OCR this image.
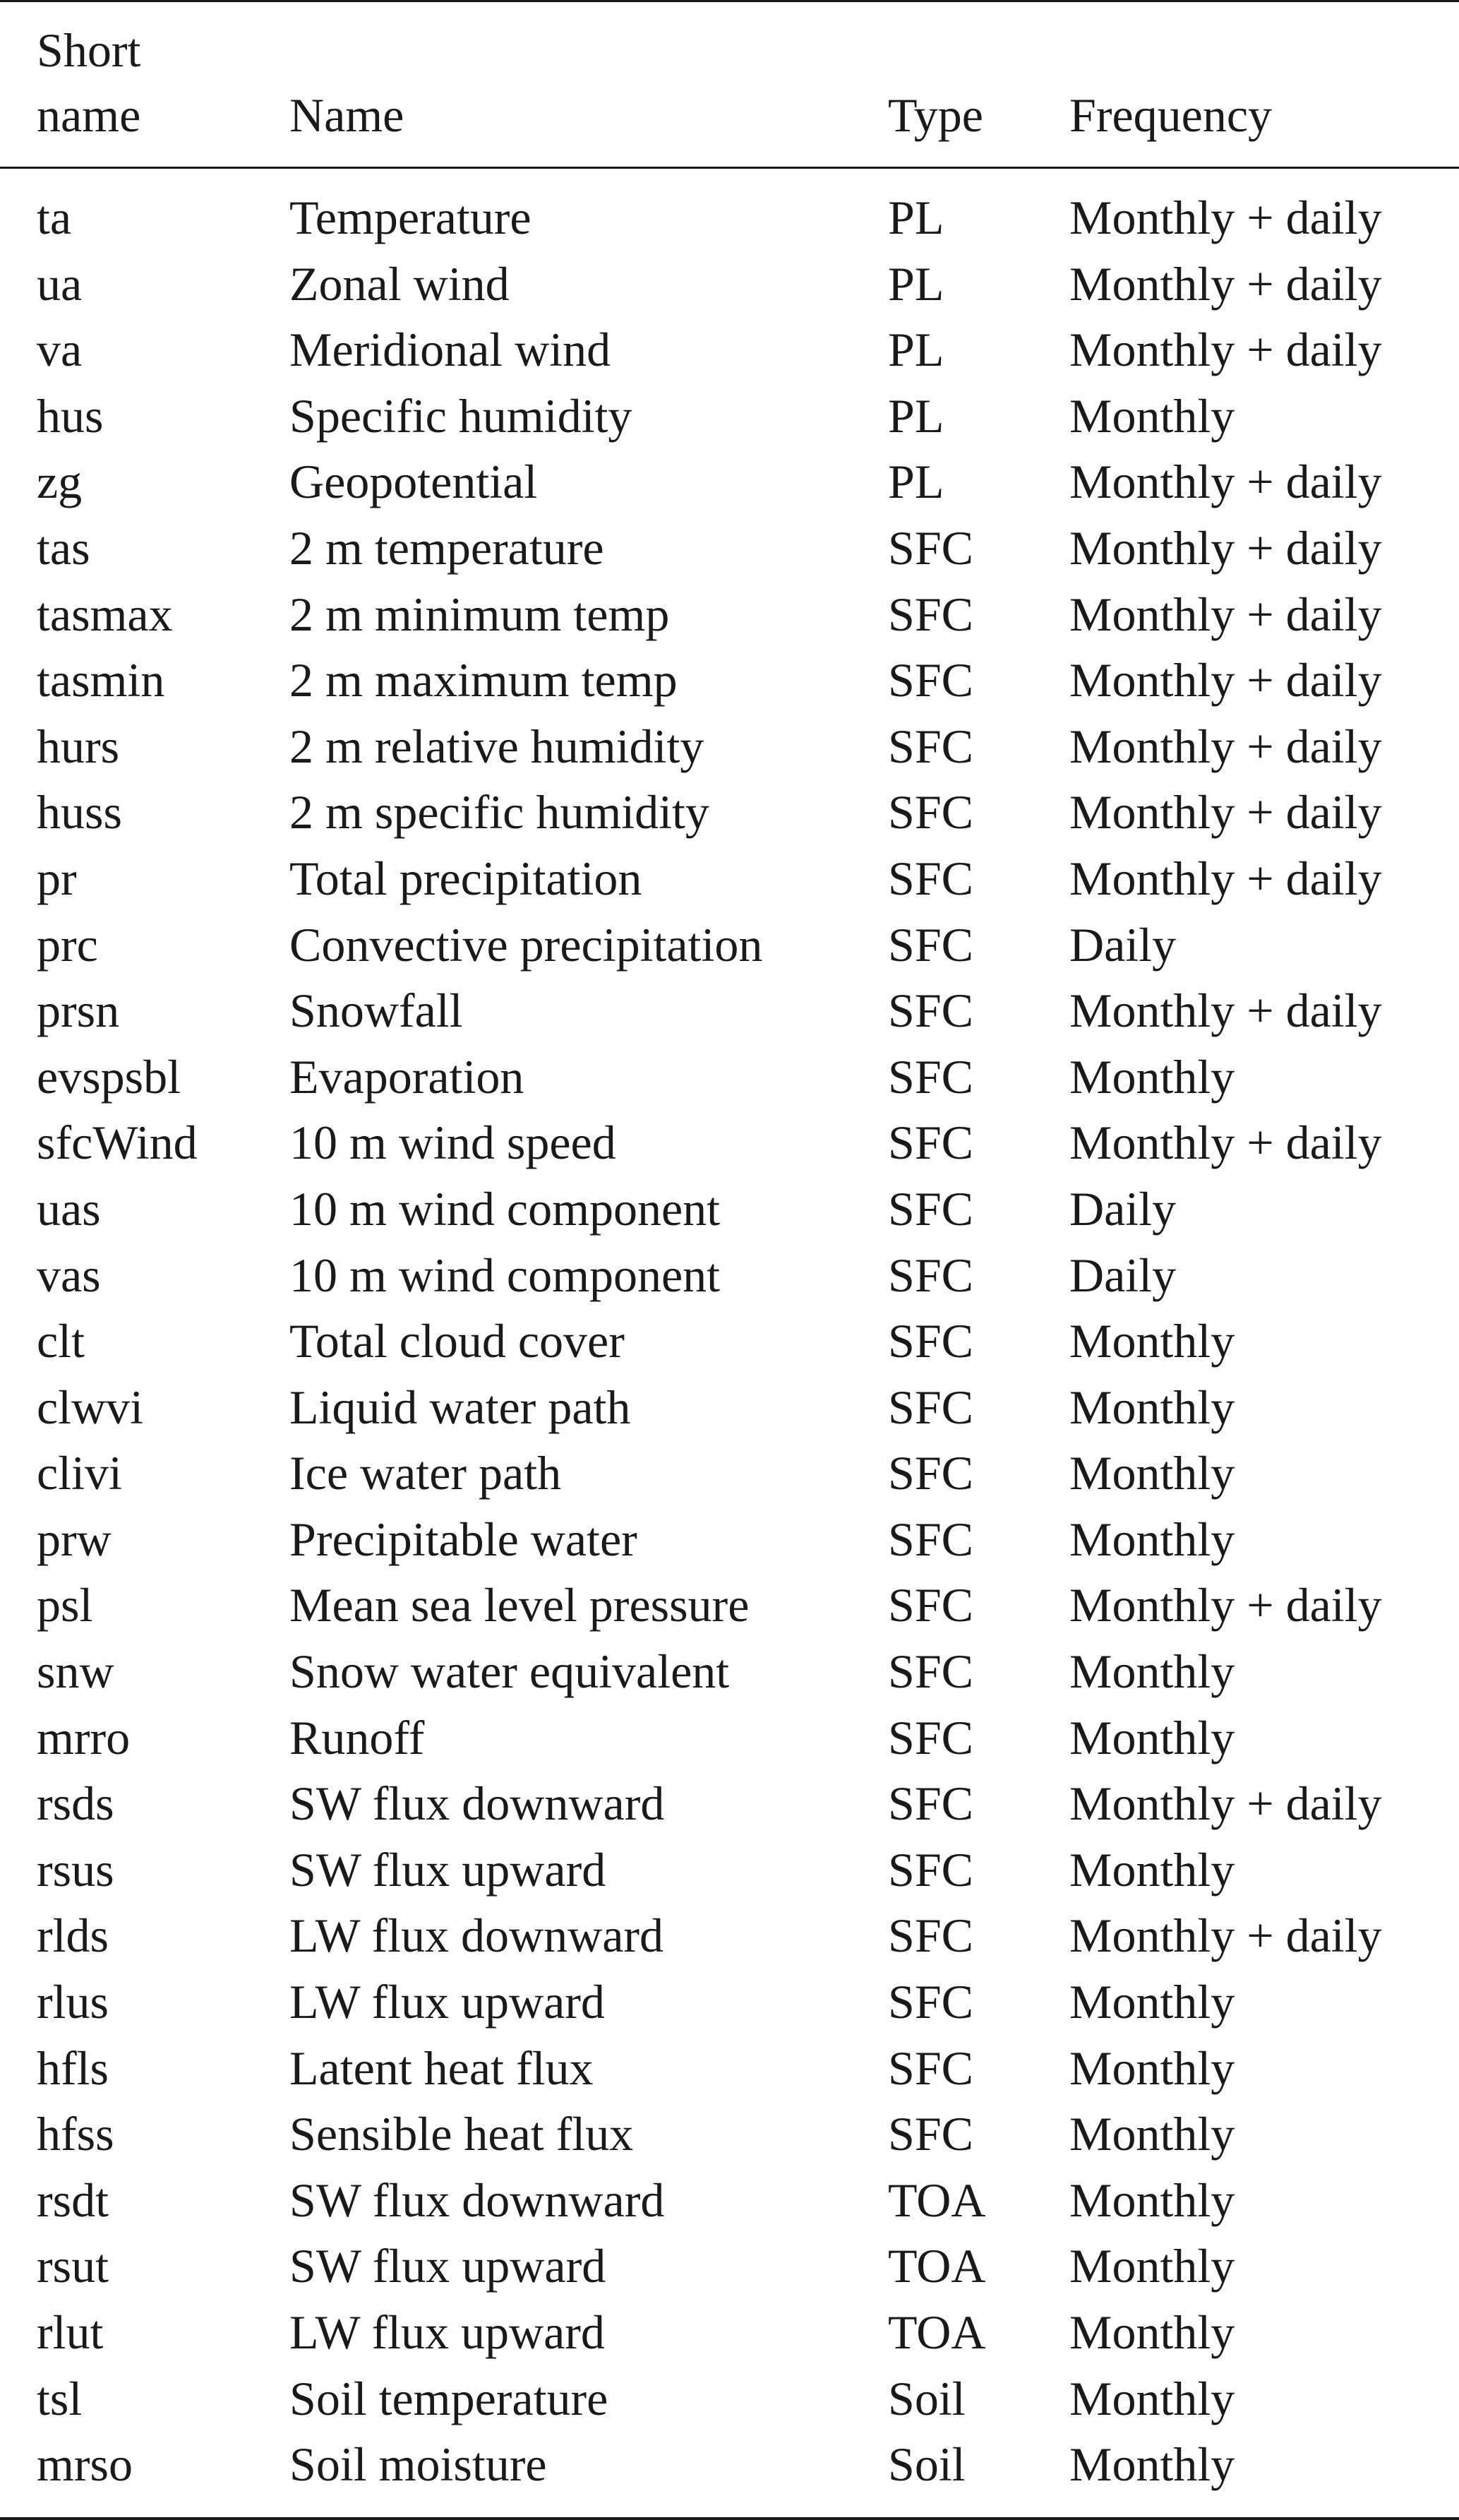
Short
name	Name	Type Frequency
ta	Temperature	PL	Monthly + daily
ua	Zonal wind	PL	Monthly + daily
va	Meridional wind	PL	Monthly + daily
hus	Specific humidity	PL	Monthly
zg	Geopotential	PL	Monthly + daily
tas	2 m temperature	SFC Monthly + daily
tasmax 2 m minimum temp	SFC Monthly + daily
tasmin	2 m maximum temp	SFC Monthly + daily
hurs	2 m relative humidity	SFC Monthly + daily
huss	2 m specific humidity	SFC Monthly + daily
pr	Total precipitation	SFC Monthly + daily
prc	Convective precipitation	SFC Daily
prsn	Snowfall	SFC Monthly + daily
evspsbl Evaporation	SFC Monthly
sfcWind 10 m wind speed	SFC Monthly + daily
uas	10 m wind component	SFC Daily
vas	10 m wind component	SFC Daily
clt	Total cloud cover	SFC Monthly
clwvi	Liquid water path	SFC Monthly
clivi	Ice water path	SFC Monthly
prw	Precipitable water	SFC Monthly
psl	Mean sea level pressure	SFC Monthly + daily
snw	Snow water equivalent	SFC Monthly
mrro	Runoff	SFC Monthly
rsds	SW flux downward	SFC Monthly + daily
rsus	SW flux upward	SFC Monthly
rlds	LW flux downward	SFC Monthly + daily
rlus	LW flux upward	SFC Monthly
hfls	Latent heat flux	SFC Monthly
hfss	Sensible heat flux	SFC Monthly
rsdt	SW flux downward	TOA Monthly
rsut	SW flux upward	TOA Monthly
rlut	LW flux upward	TOA Monthly
tsl	Soil temperature	Soil Monthly
mrso	Soil moisture	Soil Monthly
